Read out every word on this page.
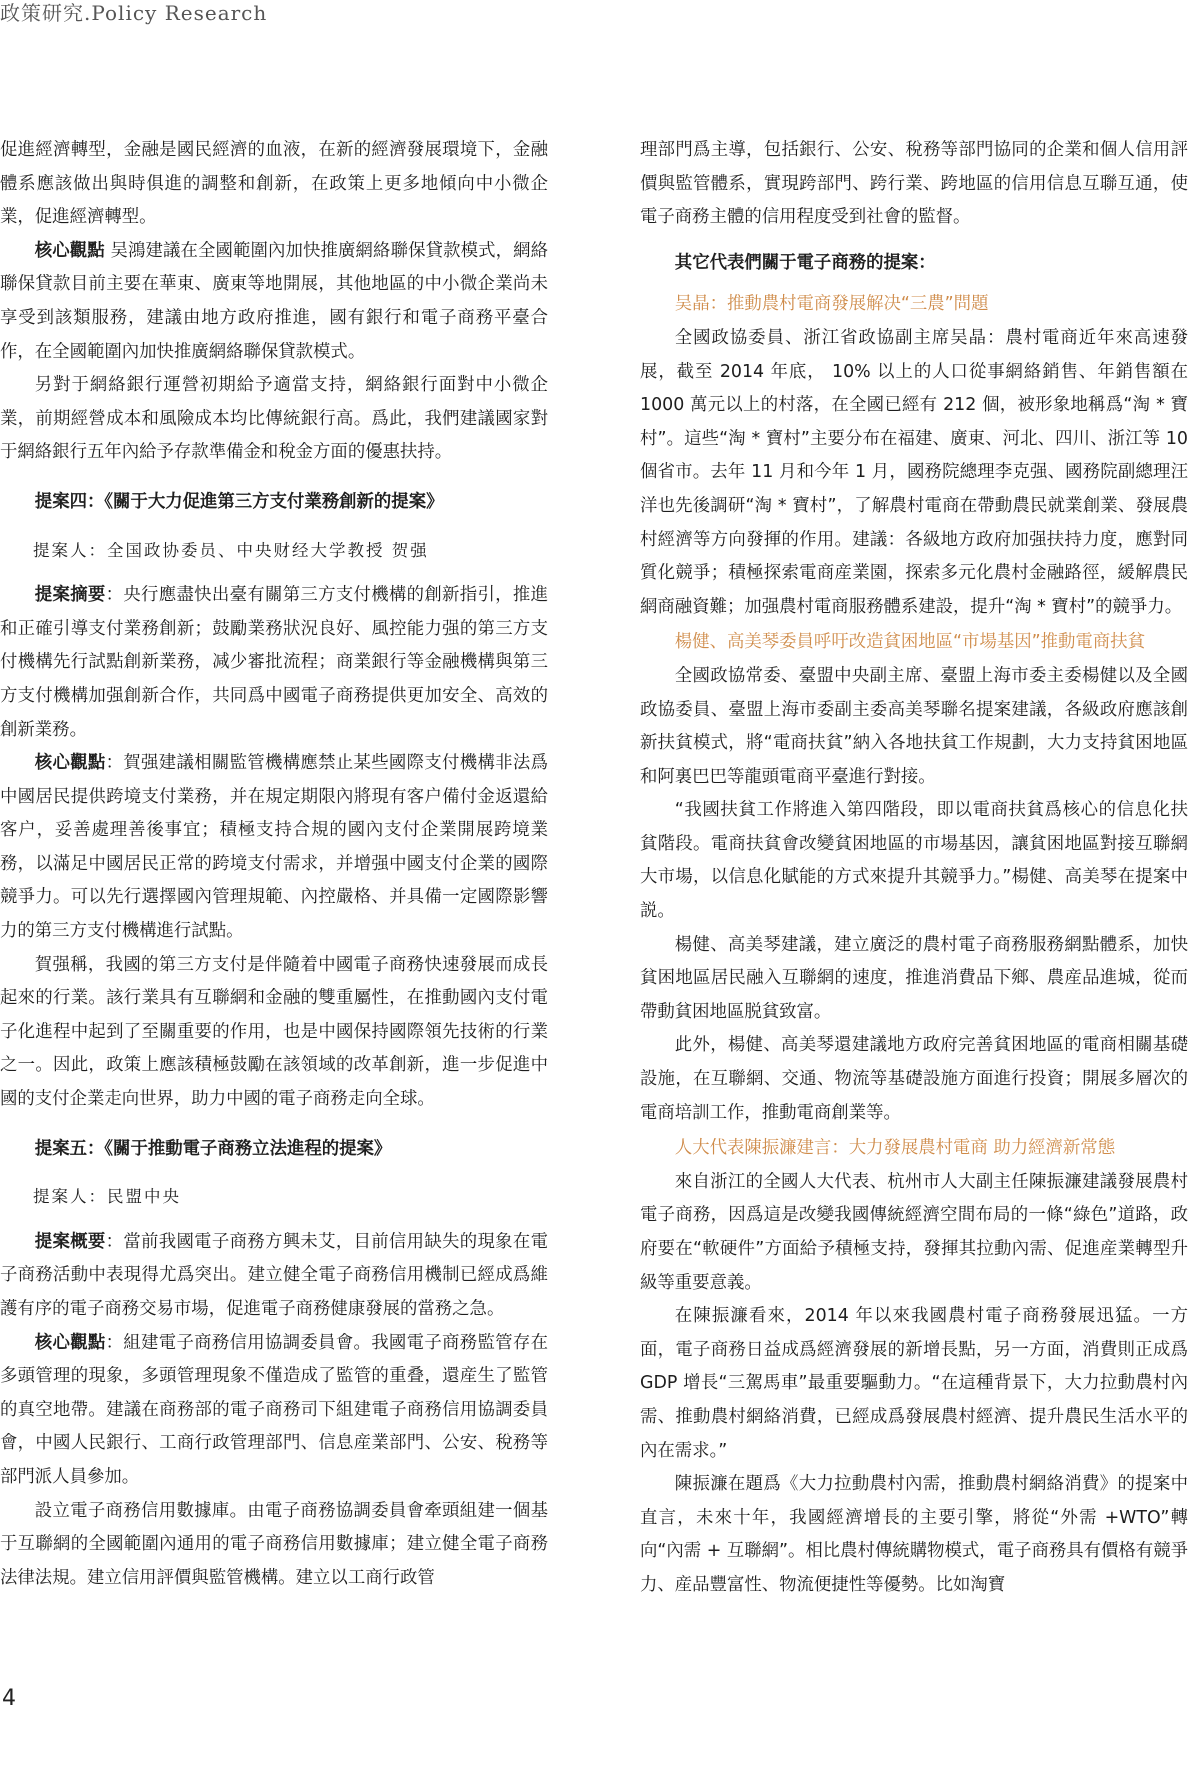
政策研究.Policy Research

促進經濟轉型，金融是國民經濟的血液，在新的經濟發展環境下，金融體系應該做出與時俱進的調整和創新，在政策上更多地傾向中小微企業，促進經濟轉型。

核心觀點 吴鴻建議在全國範圍內加快推廣網絡聯保貸款模式，網絡聯保貸款目前主要在華東、廣東等地開展，其他地區的中小微企業尚未享受到該類服務，建議由地方政府推進，國有銀行和電子商務平臺合作，在全國範圍內加快推廣網絡聯保貸款模式。

另對于網絡銀行運營初期給予適當支持，網絡銀行面對中小微企業，前期經營成本和風險成本均比傳統銀行高。爲此，我們建議國家對于網絡銀行五年內給予存款準備金和稅金方面的優惠扶持。

提案四：《關于大力促進第三方支付業務創新的提案》

提案人：全国政协委员、中央财经大学教授 贺强

提案摘要：央行應盡快出臺有關第三方支付機構的創新指引，推進和正確引導支付業務創新；鼓勵業務狀況良好、風控能力强的第三方支付機構先行試點創新業務，减少審批流程；商業銀行等金融機構與第三方支付機構加强創新合作，共同爲中國電子商務提供更加安全、高效的創新業務。

核心觀點：賀强建議相關監管機構應禁止某些國際支付機構非法爲中國居民提供跨境支付業務，并在規定期限內將現有客户備付金返還給客户，妥善處理善後事宜；積極支持合規的國內支付企業開展跨境業務，以滿足中國居民正常的跨境支付需求，并增强中國支付企業的國際競爭力。可以先行選擇國內管理規範、內控嚴格、并具備一定國際影響力的第三方支付機構進行試點。

賀强稱，我國的第三方支付是伴隨着中國電子商務快速發展而成長起來的行業。該行業具有互聯網和金融的雙重屬性，在推動國內支付電子化進程中起到了至關重要的作用，也是中國保持國際領先技術的行業之一。因此，政策上應該積極鼓勵在該領域的改革創新，進一步促進中國的支付企業走向世界，助力中國的電子商務走向全球。

提案五：《關于推動電子商務立法進程的提案》

提案人：民盟中央

提案概要：當前我國電子商務方興未艾，目前信用缺失的現象在電子商務活動中表現得尤爲突出。建立健全電子商務信用機制已經成爲維護有序的電子商務交易市場，促進電子商務健康發展的當務之急。

核心觀點：組建電子商務信用協調委員會。我國電子商務監管存在多頭管理的現象，多頭管理現象不僅造成了監管的重叠，還産生了監管的真空地帶。建議在商務部的電子商務司下組建電子商務信用協調委員會，中國人民銀行、工商行政管理部門、信息産業部門、公安、稅務等部門派人員參加。

設立電子商務信用數據庫。由電子商務協調委員會牽頭組建一個基于互聯網的全國範圍內通用的電子商務信用數據庫；建立健全電子商務法律法規。建立信用評價與監管機構。建立以工商行政管

理部門爲主導，包括銀行、公安、稅務等部門協同的企業和個人信用評價與監管體系，實現跨部門、跨行業、跨地區的信用信息互聯互通，使電子商務主體的信用程度受到社會的監督。

其它代表們關于電子商務的提案：

吴晶：推動農村電商發展解决“三農”問題

全國政協委員、浙江省政協副主席吴晶：農村電商近年來高速發展，截至 2014 年底， 10% 以上的人口從事網絡銷售、年銷售額在 1000 萬元以上的村落，在全國已經有 212 個，被形象地稱爲“淘 * 寶村”。這些“淘 * 寶村”主要分布在福建、廣東、河北、四川、浙江等 10 個省市。去年 11 月和今年 1 月，國務院總理李克强、國務院副總理汪洋也先後調研“淘 * 寶村”，了解農村電商在帶動農民就業創業、發展農村經濟等方向發揮的作用。建議：各級地方政府加强扶持力度，應對同質化競爭；積極探索電商産業園，探索多元化農村金融路徑，緩解農民網商融資難；加强農村電商服務體系建設，提升“淘 * 寶村”的競爭力。

楊健、高美琴委員呼吁改造貧困地區“市場基因”推動電商扶貧

全國政協常委、臺盟中央副主席、臺盟上海市委主委楊健以及全國政協委員、臺盟上海市委副主委高美琴聯名提案建議，各級政府應該創新扶貧模式，將“電商扶貧”納入各地扶貧工作規劃，大力支持貧困地區和阿裏巴巴等龍頭電商平臺進行對接。

“我國扶貧工作將進入第四階段，即以電商扶貧爲核心的信息化扶貧階段。電商扶貧會改變貧困地區的市場基因，讓貧困地區對接互聯網大市場，以信息化賦能的方式來提升其競爭力。”楊健、高美琴在提案中説。

楊健、高美琴建議，建立廣泛的農村電子商務服務網點體系，加快貧困地區居民融入互聯網的速度，推進消費品下鄉、農産品進城，從而帶動貧困地區脱貧致富。

此外，楊健、高美琴還建議地方政府完善貧困地區的電商相關基礎設施，在互聯網、交通、物流等基礎設施方面進行投資；開展多層次的電商培訓工作，推動電商創業等。

人大代表陳振濂建言：大力發展農村電商 助力經濟新常態

來自浙江的全國人大代表、杭州市人大副主任陳振濂建議發展農村電子商務，因爲這是改變我國傳統經濟空間布局的一條“綠色”道路，政府要在“軟硬件”方面給予積極支持，發揮其拉動內需、促進産業轉型升級等重要意義。

在陳振濂看來，2014 年以來我國農村電子商務發展迅猛。一方面，電子商務日益成爲經濟發展的新增長點，另一方面，消費則正成爲 GDP 增長“三駕馬車”最重要驅動力。“在這種背景下，大力拉動農村內需、推動農村網絡消費，已經成爲發展農村經濟、提升農民生活水平的內在需求。”

陳振濂在題爲《大力拉動農村內需，推動農村網絡消費》的提案中直言，未來十年，我國經濟增長的主要引擎，將從“外需 +WTO”轉向“內需 + 互聯網”。相比農村傳統購物模式，電子商務具有價格有競爭力、産品豐富性、物流便捷性等優勢。比如淘寶

4
